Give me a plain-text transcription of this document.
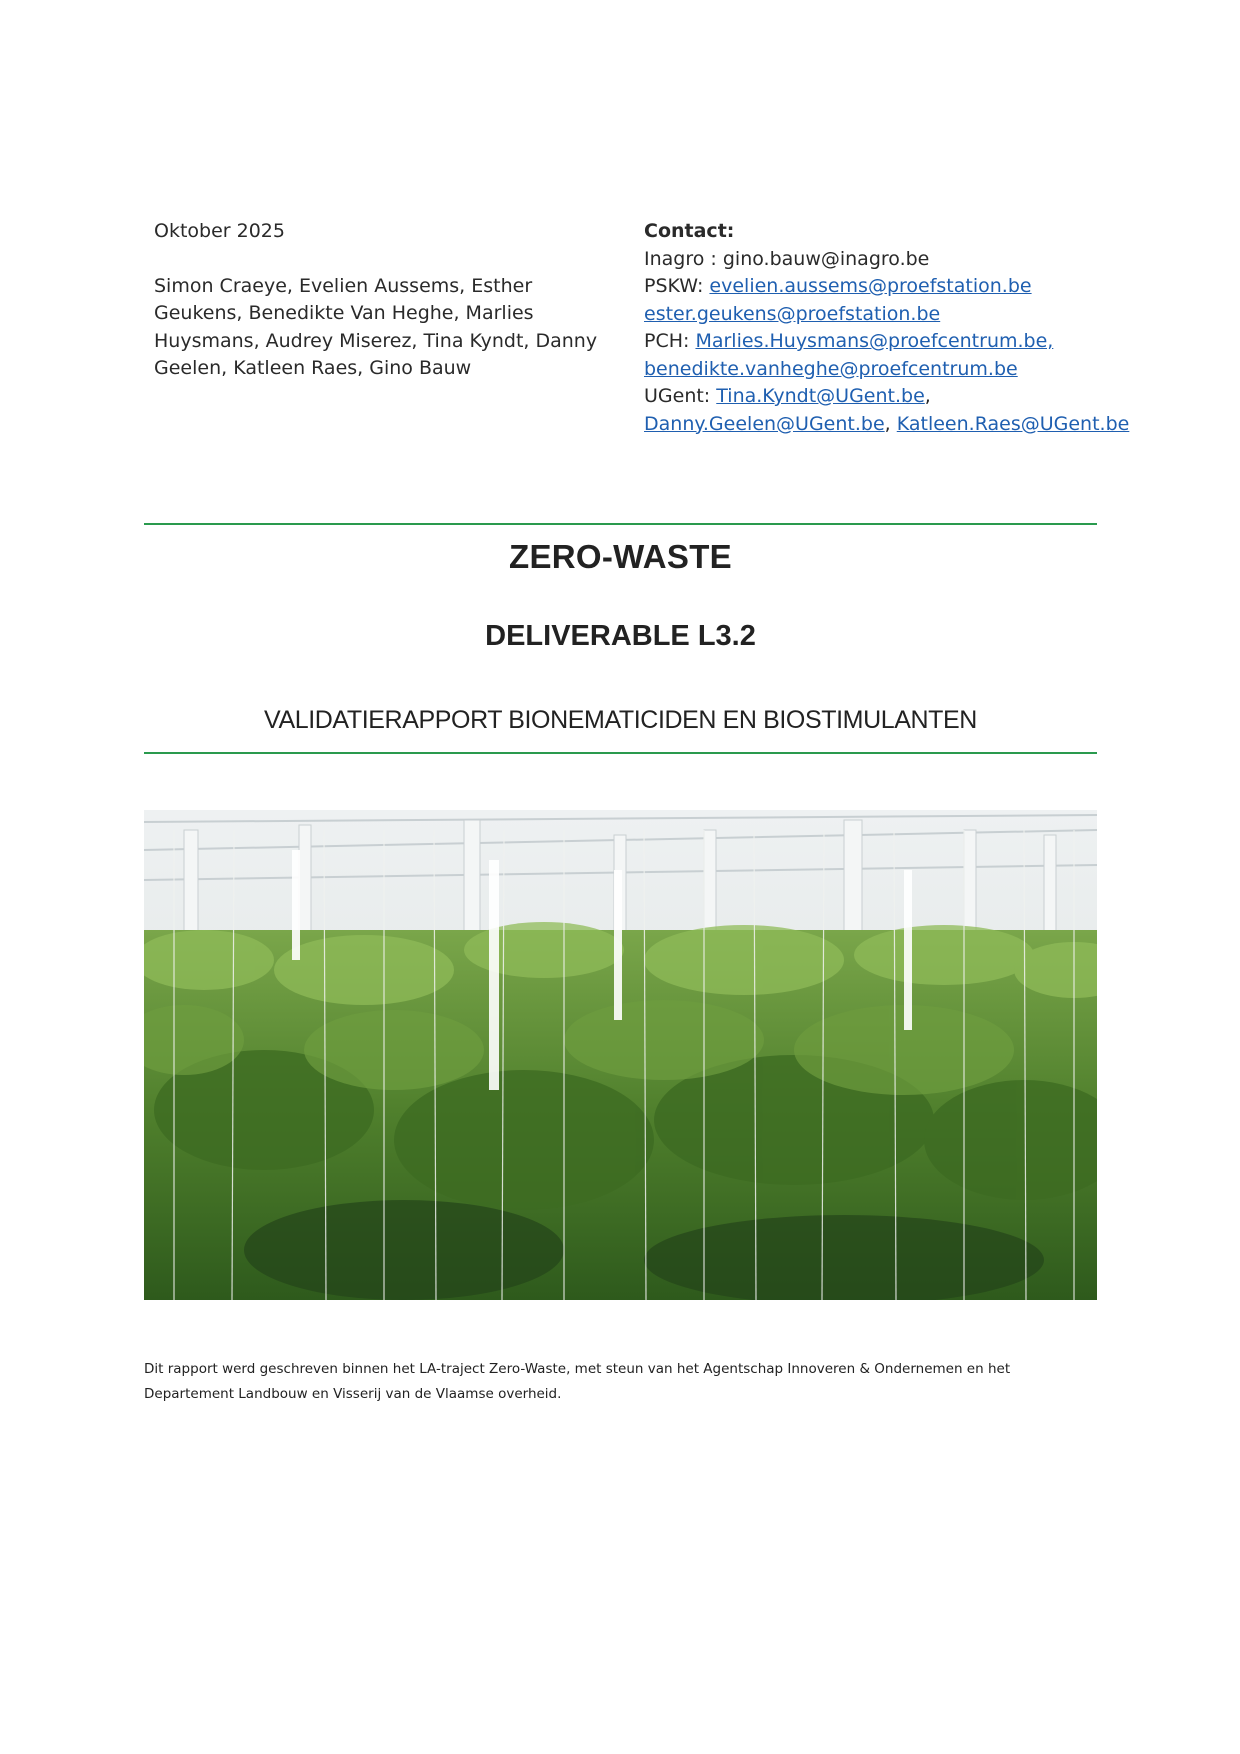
Oktober 2025
Simon Craeye, Evelien Aussems, Esther Geukens, Benedikte Van Heghe, Marlies Huysmans, Audrey Miserez, Tina Kyndt, Danny Geelen, Katleen Raes, Gino Bauw
Contact:
Inagro : gino.bauw@inagro.be
PSKW: evelien.aussems@proefstation.be
ester.geukens@proefstation.be
PCH: Marlies.Huysmans@proefcentrum.be,
benedikte.vanheghe@proefcentrum.be
UGent: Tina.Kyndt@UGent.be,
Danny.Geelen@UGent.be, Katleen.Raes@UGent.be
ZERO-WASTE
DELIVERABLE L3.2
VALIDATIERAPPORT BIONEMATICIDEN EN BIOSTIMULANTEN
Dit rapport werd geschreven binnen het LA-traject Zero-Waste, met steun van het Agentschap Innoveren & Ondernemen en het Departement Landbouw en Visserij van de Vlaamse overheid.
